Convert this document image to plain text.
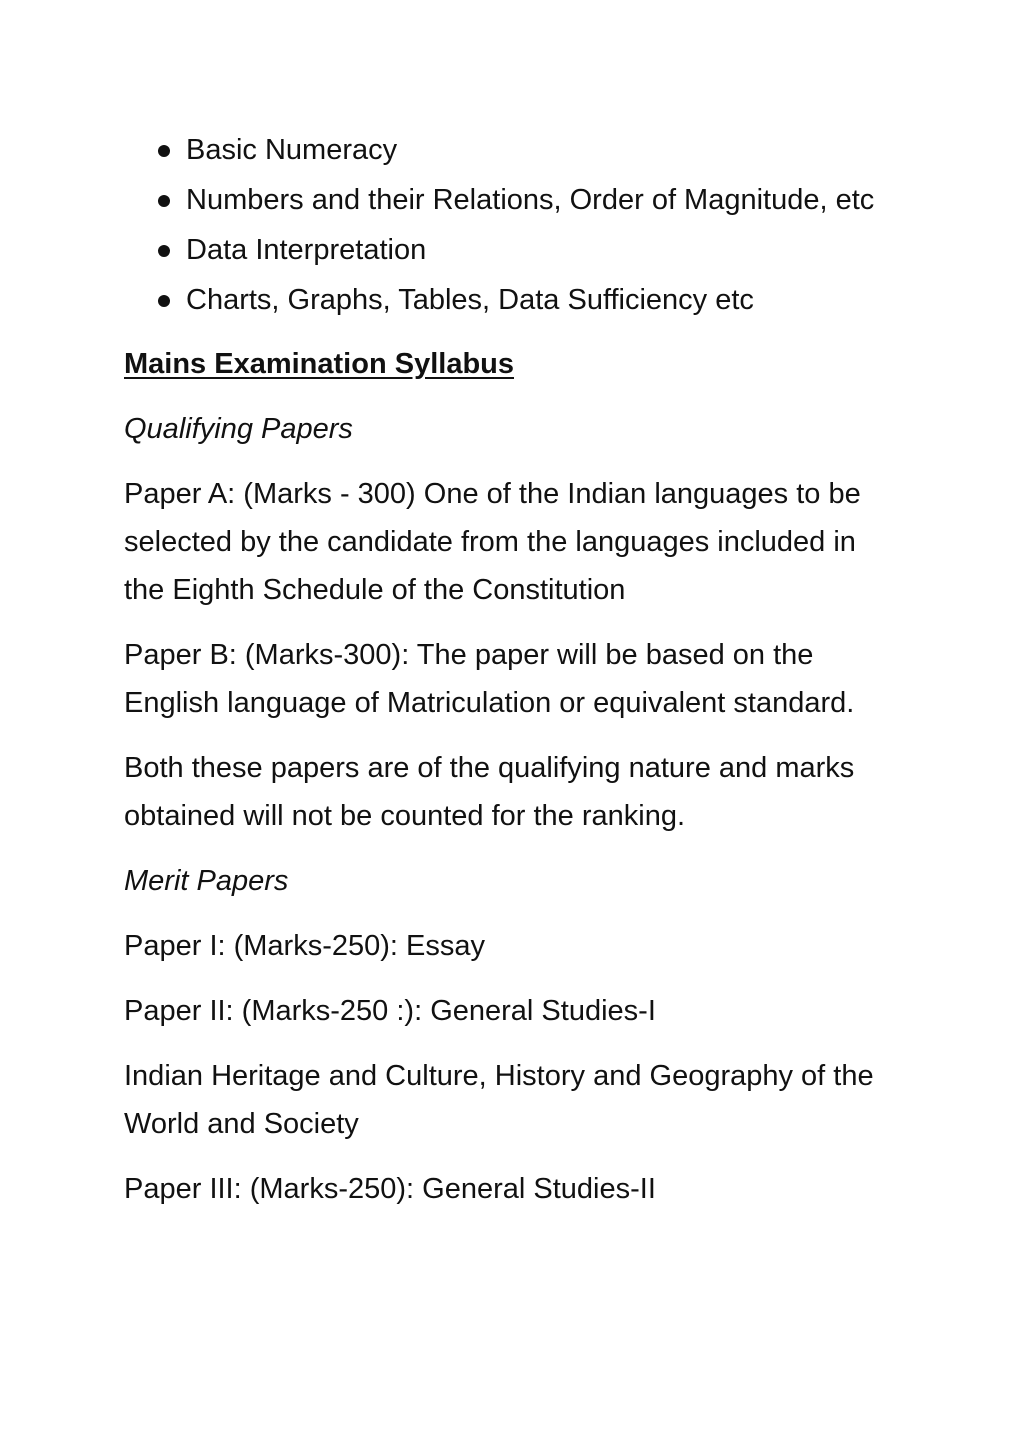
Basic Numeracy
Numbers and their Relations, Order of Magnitude, etc
Data Interpretation
Charts, Graphs, Tables, Data Sufficiency etc
Mains Examination Syllabus
Qualifying Papers
Paper A: (Marks - 300) One of the Indian languages to be selected by the candidate from the languages included in the Eighth Schedule of the Constitution
Paper B: (Marks-300): The paper will be based on the English language of Matriculation or equivalent standard.
Both these papers are of the qualifying nature and marks obtained will not be counted for the ranking.
Merit Papers
Paper I: (Marks-250): Essay
Paper II: (Marks-250 :): General Studies-I
Indian Heritage and Culture, History and Geography of the World and Society
Paper III: (Marks-250): General Studies-II
